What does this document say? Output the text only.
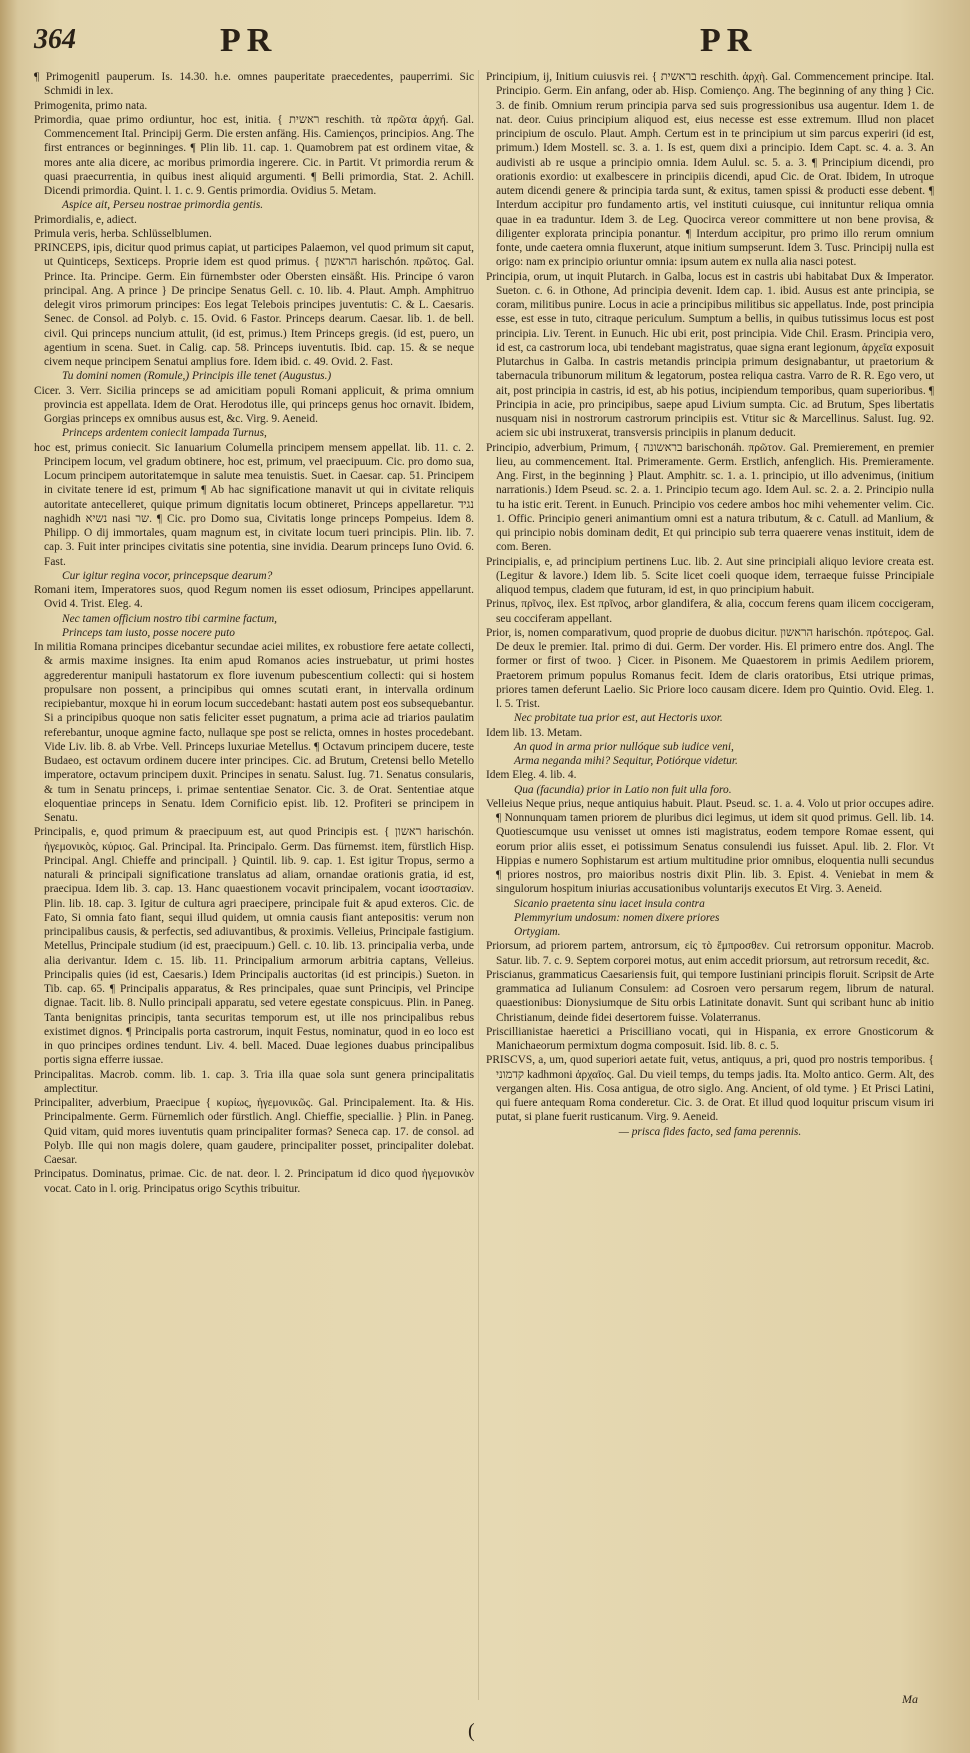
364	PR	PR

¶ Primogenitl pauperum. Is. 14.30. h.e. omnes pauperitate praecedentes, pauperrimi. Sic Schmidi in lex.

Primogenita, primo nata.

Primordia, quae primo ordiuntur, hoc est, initia. { ראשית reschith. τὰ πρῶτα ἀρχή. Gal. Commencement Ital. Principij Germ. Die ersten anfäng. His. Camienços, principios. Ang. The first entrances or beginninges. ¶ Plin lib. 11. cap. 1. Quamobrem pat est ordinem vitae, & mores ante alia dicere, ac moribus primordia ingerere. Cic. in Partit. Vt primordia rerum & quasi praecurrentia, in quibus inest aliquid argumenti. ¶ Belli primordia, Stat. 2. Achill. Dicendi primordia. Quint. l. 1. c. 9. Gentis primordia. Ovidius 5. Metam.

Aspice ait, Perseu nostrae primordia gentis.

Primordialis, e, adiect.

Primula veris, herba. Schlüsselblumen.

PRINCEPS, ipis, dicitur quod primus capiat, ut participes Palaemon, vel quod primum sit caput, ut Quinticeps, Sexticeps. Proprie idem est quod primus. { הראשון harischón. πρῶτος. Gal. Prince. Ita. Principe. Germ. Ein fürnembster oder Obersten einsäßt. His. Principe ó varon principal. Ang. A prince } De principe Senatus Gell. c. 10. lib. 4. Plaut. Amph. Amphitruo delegit viros primorum principes: Eos legat Telebois principes juventutis: C. & L. Caesaris. Senec. de Consol. ad Polyb. c. 15. Ovid. 6 Fastor. Princeps dearum. Caesar. lib. 1. de bell. civil. Qui princeps nuncium attulit, (id est, primus.) Item Princeps gregis. (id est, puero, un agentium in scena. Suet. in Calig. cap. 58. Princeps iuventutis. Ibid. cap. 15. & se neque civem neque principem Senatui amplius fore. Idem ibid. c. 49. Ovid. 2. Fast.

Tu domini nomen (Romule,) Principis ille tenet (Augustus.)

Cicer. 3. Verr. Sicilia princeps se ad amicitiam populi Romani applicuit, & prima omnium provincia est appellata. Idem de Orat. Herodotus ille, qui princeps genus hoc ornavit. Ibidem, Gorgias princeps ex omnibus ausus est, &c. Virg. 9. Aeneid.

Princeps ardentem coniecit lampada Turnus,

hoc est, primus coniecit. Sic Ianuarium Columella principem mensem appellat. lib. 11. c. 2. Principem locum, vel gradum obtinere, hoc est, primum, vel praecipuum. Cic. pro domo sua, Locum principem autoritatemque in salute mea tenuistis. Suet. in Caesar. cap. 51. Principem in civitate tenere id est, primum ¶ Ab hac significatione manavit ut qui in civitate reliquis autoritate antecelleret, quique primum dignitatis locum obtineret, Princeps appellaretur. נגיד naghidh נשיא nasi שר. ¶ Cic. pro Domo sua, Civitatis longe princeps Pompeius. Idem 8. Philipp. O dij immortales, quam magnum est, in civitate locum tueri principis. Plin. lib. 7. cap. 3. Fuit inter principes civitatis sine potentia, sine invidia. Dearum princeps Iuno Ovid. 6. Fast.

Cur igitur regina vocor, princepsque dearum?

Romani item, Imperatores suos, quod Regum nomen iis esset odiosum, Principes appellarunt. Ovid 4. Trist. Eleg. 4.

Nec tamen officium nostro tibi carmine factum,

Princeps tam iusto, posse nocere puto

In militia Romana principes dicebantur secundae aciei milites, ex robustiore fere aetate collecti, & armis maxime insignes. Ita enim apud Romanos acies instruebatur, ut primi hostes aggrederentur manipuli hastatorum ex flore iuvenum pubescentium collecti: qui si hostem propulsare non possent, a principibus qui omnes scutati erant, in intervalla ordinum recipiebantur, moxque hi in eorum locum succedebant: hastati autem post eos subsequebantur. Si a principibus quoque non satis feliciter esset pugnatum, a prima acie ad triarios paulatim referebantur, unoque agmine facto, nullaque spe post se relicta, omnes in hostes procedebant. Vide Liv. lib. 8. ab Vrbe. Vell. Princeps luxuriae Metellus. ¶ Octavum principem ducere, teste Budaeo, est octavum ordinem ducere inter principes. Cic. ad Brutum, Cretensi bello Metello imperatore, octavum principem duxit. Principes in senatu. Salust. Iug. 71. Senatus consularis, & tum in Senatu princeps, i. primae sententiae Senator. Cic. 3. de Orat. Sententiae atque eloquentiae princeps in Senatu. Idem Cornificio epist. lib. 12. Profiteri se principem in Senatu.

Principalis, e, quod primum & praecipuum est, aut quod Principis est. { ראשון harischón. ἡγεμονικὸς, κύριος. Gal. Principal. Ita. Principalo. Germ. Das fürnemst. item, fürstlich Hisp. Principal. Angl. Chieffe and principall. } Quintil. lib. 9. cap. 1. Est igitur Tropus, sermo a naturali & principali significatione translatus ad aliam, ornandae orationis gratia, id est, praecipua. Idem lib. 3. cap. 13. Hanc quaestionem vocavit principalem, vocant ἰσοστασίαν. Plin. lib. 18. cap. 3. Igitur de cultura agri praecipere, principale fuit & apud exteros. Cic. de Fato, Si omnia fato fiant, sequi illud quidem, ut omnia causis fiant antepositis: verum non principalibus causis, & perfectis, sed adiuvantibus, & proximis. Velleius, Principale fastigium. Metellus, Principale studium (id est, praecipuum.) Gell. c. 10. lib. 13. principalia verba, unde alia derivantur. Idem c. 15. lib. 11. Principalium armorum arbitria captans, Velleius. Principalis quies (id est, Caesaris.) Idem Principalis auctoritas (id est principis.) Sueton. in Tib. cap. 65. ¶ Principalis apparatus, & Res principales, quae sunt Principis, vel Principe dignae. Tacit. lib. 8. Nullo principali apparatu, sed vetere egestate conspicuus. Plin. in Paneg. Tanta benignitas principis, tanta securitas temporum est, ut ille nos principalibus rebus existimet dignos. ¶ Principalis porta castrorum, inquit Festus, nominatur, quod in eo loco est in quo principes ordines tendunt. Liv. 4. bell. Maced. Duae legiones duabus principalibus portis signa efferre iussae.

Principalitas. Macrob. comm. lib. 1. cap. 3. Tria illa quae sola sunt genera principalitatis amplectitur.

Principaliter, adverbium, Praecipue { κυρίως, ἡγεμονικῶς. Gal. Principalement. Ita. & His. Principalmente. Germ. Fürnemlich oder fürstlich. Angl. Chieffie, speciallie. } Plin. in Paneg. Quid vitam, quid mores iuventutis quam principaliter formas? Seneca cap. 17. de consol. ad Polyb. Ille qui non magis dolere, quam gaudere, principaliter posset, principaliter dolebat. Caesar.

Principatus. Dominatus, primae. Cic. de nat. deor. l. 2. Principatum id dico quod ἡγεμονικὸν vocat. Cato in l. orig. Principatus origo Scythis tribuitur.

Principium, ij, Initium cuiusvis rei. { בראשית reschith. ἀρχὴ. Gal. Commencement principe. Ital. Principio. Germ. Ein anfang, oder ab. Hisp. Comienço. Ang. The beginning of any thing } Cic. 3. de finib. Omnium rerum principia parva sed suis progressionibus usa augentur. Idem 1. de nat. deor. Cuius principium aliquod est, eius necesse est esse extremum. Illud non placet principium de osculo. Plaut. Amph. Certum est in te principium ut sim parcus experiri (id est, primum.) Idem Mostell. sc. 3. a. 1. Is est, quem dixi a principio. Idem Capt. sc. 4. a. 3. An audivisti ab re usque a principio omnia. Idem Aulul. sc. 5. a. 3. ¶ Principium dicendi, pro orationis exordio: ut exalbescere in principiis dicendi, apud Cic. de Orat. Ibidem, In utroque autem dicendi genere & principia tarda sunt, & exitus, tamen spissi & producti esse debent. ¶ Interdum accipitur pro fundamento artis, vel instituti cuiusque, cui innituntur reliqua omnia quae in ea traduntur. Idem 3. de Leg. Quocirca vereor committere ut non bene provisa, & diligenter explorata principia ponantur. ¶ Interdum accipitur, pro primo illo rerum omnium fonte, unde caetera omnia fluxerunt, atque initium sumpserunt. Idem 3. Tusc. Principij nulla est origo: nam ex principio oriuntur omnia: ipsum autem ex nulla alia nasci potest.

Principia, orum, ut inquit Plutarch. in Galba, locus est in castris ubi habitabat Dux & Imperator. Sueton. c. 6. in Othone, Ad principia devenit. Idem cap. 1. ibid. Ausus est ante principia, se coram, militibus punire. Locus in acie a principibus militibus sic appellatus. Inde, post principia esse, est esse in tuto, citraque periculum. Sumptum a bellis, in quibus tutissimus locus est post principia. Liv. Terent. in Eunuch. Hic ubi erit, post principia. Vide Chil. Erasm. Principia vero, id est, ca castrorum loca, ubi tendebant magistratus, quae signa erant legionum, ἀρχεῖα exposuit Plutarchus in Galba. In castris metandis principia primum designabantur, ut praetorium & tabernacula tribunorum militum & legatorum, postea reliqua castra. Varro de R. R. Ego vero, ut ait, post principia in castris, id est, ab his potius, incipiendum temporibus, quam superioribus. ¶ Principia in acie, pro principibus, saepe apud Livium sumpta. Cic. ad Brutum, Spes libertatis nusquam nisi in nostrorum castrorum principiis est. Vtitur sic & Marcellinus. Salust. Iug. 92. aciem sic ubi instruxerat, transversis principiis in planum deducit.

Principio, adverbium, Primum, { בראשונה barischonáh. πρῶτον. Gal. Premierement, en premier lieu, au commencement. Ital. Primeramente. Germ. Erstlich, anfenglich. His. Premieramente. Ang. First, in the beginning } Plaut. Amphitr. sc. 1. a. 1. principio, ut illo advenimus, (initium narrationis.) Idem Pseud. sc. 2. a. 1. Principio tecum ago. Idem Aul. sc. 2. a. 2. Principio nulla tu ha istic erit. Terent. in Eunuch. Principio vos cedere ambos hoc mihi vehementer velim. Cic. 1. Offic. Principio generi animantium omni est a natura tributum, & c. Catull. ad Manlium, & qui principio nobis dominam dedit, Et qui principio sub terra quaerere venas instituit, idem de com. Beren.

Principialis, e, ad principium pertinens Luc. lib. 2. Aut sine principiali aliquo leviore creata est. (Legitur & lavore.) Idem lib. 5. Scite licet coeli quoque idem, terraeque fuisse Principiale aliquod tempus, cladem que futuram, id est, in quo principium habuit.

Prinus, πρῖνος, ilex. Est πρῖνος, arbor glandifera, & alia, coccum ferens quam ilicem coccigeram, seu cocciferam appellant.

Prior, is, nomen comparativum, quod proprie de duobus dicitur. הראשון harischón. πρότερος. Gal. De deux le premier. Ital. primo di dui. Germ. Der vorder. His. El primero entre dos. Angl. The former or first of twoo. } Cicer. in Pisonem. Me Quaestorem in primis Aedilem priorem, Praetorem primum populus Romanus fecit. Idem de claris oratoribus, Etsi utrique primas, priores tamen deferunt Laelio. Sic Priore loco causam dicere. Idem pro Quintio. Ovid. Eleg. 1. l. 5. Trist.

Nec probitate tua prior est, aut Hectoris uxor.

Idem lib. 13. Metam.

An quod in arma prior nullóque sub iudice veni,

Arma neganda mihi? Sequitur, Potiórque videtur.

Idem Eleg. 4. lib. 4.

Qua (facundia) prior in Latio non fuit ulla foro.

Velleius Neque prius, neque antiquius habuit. Plaut. Pseud. sc. 1. a. 4. Volo ut prior occupes adire. ¶ Nonnunquam tamen priorem de pluribus dici legimus, ut idem sit quod primus. Gell. lib. 14. Quotiescumque usu venisset ut omnes isti magistratus, eodem tempore Romae essent, qui eorum prior aliis esset, ei potissimum Senatus consulendi ius fuisset. Apul. lib. 2. Flor. Vt Hippias e numero Sophistarum est artium multitudine prior omnibus, eloquentia nulli secundus ¶ priores nostros, pro maioribus nostris dixit Plin. lib. 3. Epist. 4. Veniebat in mem & singulorum hospitum iniurias accusationibus voluntarijs executos Et Virg. 3. Aeneid.

Sicanio praetenta sinu iacet insula contra

Plemmyrium undosum: nomen dixere priores

Ortygiam.

Priorsum, ad priorem partem, antrorsum, εἰς τὸ ἔμπροσθεν. Cui retrorsum opponitur. Macrob. Satur. lib. 7. c. 9. Septem corporei motus, aut enim accedit priorsum, aut retrorsum recedit, &c.

Priscianus, grammaticus Caesariensis fuit, qui tempore Iustiniani principis floruit. Scripsit de Arte grammatica ad Iulianum Consulem: ad Cosroen vero persarum regem, librum de natural. quaestionibus: Dionysiumque de Situ orbis Latinitate donavit. Sunt qui scribant hunc ab initio Christianum, deinde fidei desertorem fuisse. Volaterranus.

Priscillianistae haeretici a Priscilliano vocati, qui in Hispania, ex errore Gnosticorum & Manichaeorum permixtum dogma composuit. Isid. lib. 8. c. 5.

PRISCVS, a, um, quod superiori aetate fuit, vetus, antiquus, a pri, quod pro nostris temporibus. { קדמוני kadhmoni ἀρχαῖος. Gal. Du vieil temps, du temps jadis. Ita. Molto antico. Germ. Alt, des vergangen alten. His. Cosa antigua, de otro siglo. Ang. Ancient, of old tyme. } Et Prisci Latini, qui fuere antequam Roma conderetur. Cic. 3. de Orat. Et illud quod loquitur priscum visum iri putat, si plane fuerit rusticanum. Virg. 9. Aeneid.

— prisca fides facto, sed fama perennis.

(
Ma
